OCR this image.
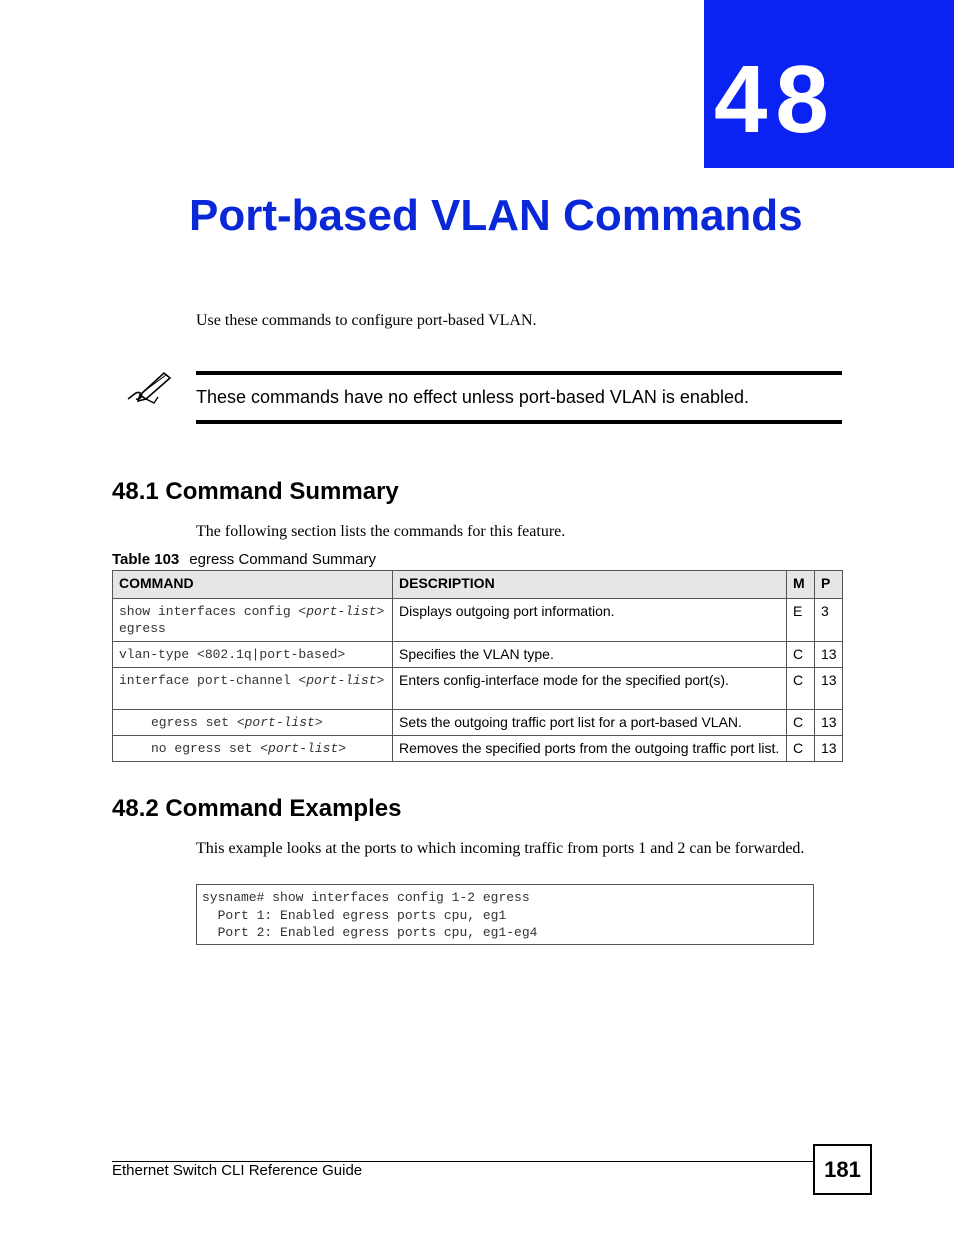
48
Port-based VLAN Commands

Use these commands to configure port-based VLAN.

These commands have no effect unless port-based VLAN is enabled.
48.1 Command Summary

The following section lists the commands for this feature.

Table 103 egress Command Summary
COMMAND	DESCRIPTION	M	P
show interfaces config <port-list> egress	Displays outgoing port information.	E	3
vlan-type <802.1q|port-based>	Specifies the VLAN type.	C	13
interface port-channel <port-list>	Enters config-interface mode for the specified port(s).	C	13
egress set <port-list>	Sets the outgoing traffic port list for a port-based VLAN.	C	13
no egress set <port-list>	Removes the specified ports from the outgoing traffic port list.	C	13
48.2 Command Examples

This example looks at the ports to which incoming traffic from ports 1 and 2 can be forwarded.

sysname# show interfaces config 1-2 egress
Port 1: Enabled egress ports cpu, eg1
Port 2: Enabled egress ports cpu, eg1-eg4
Ethernet Switch CLI Reference Guide	181
